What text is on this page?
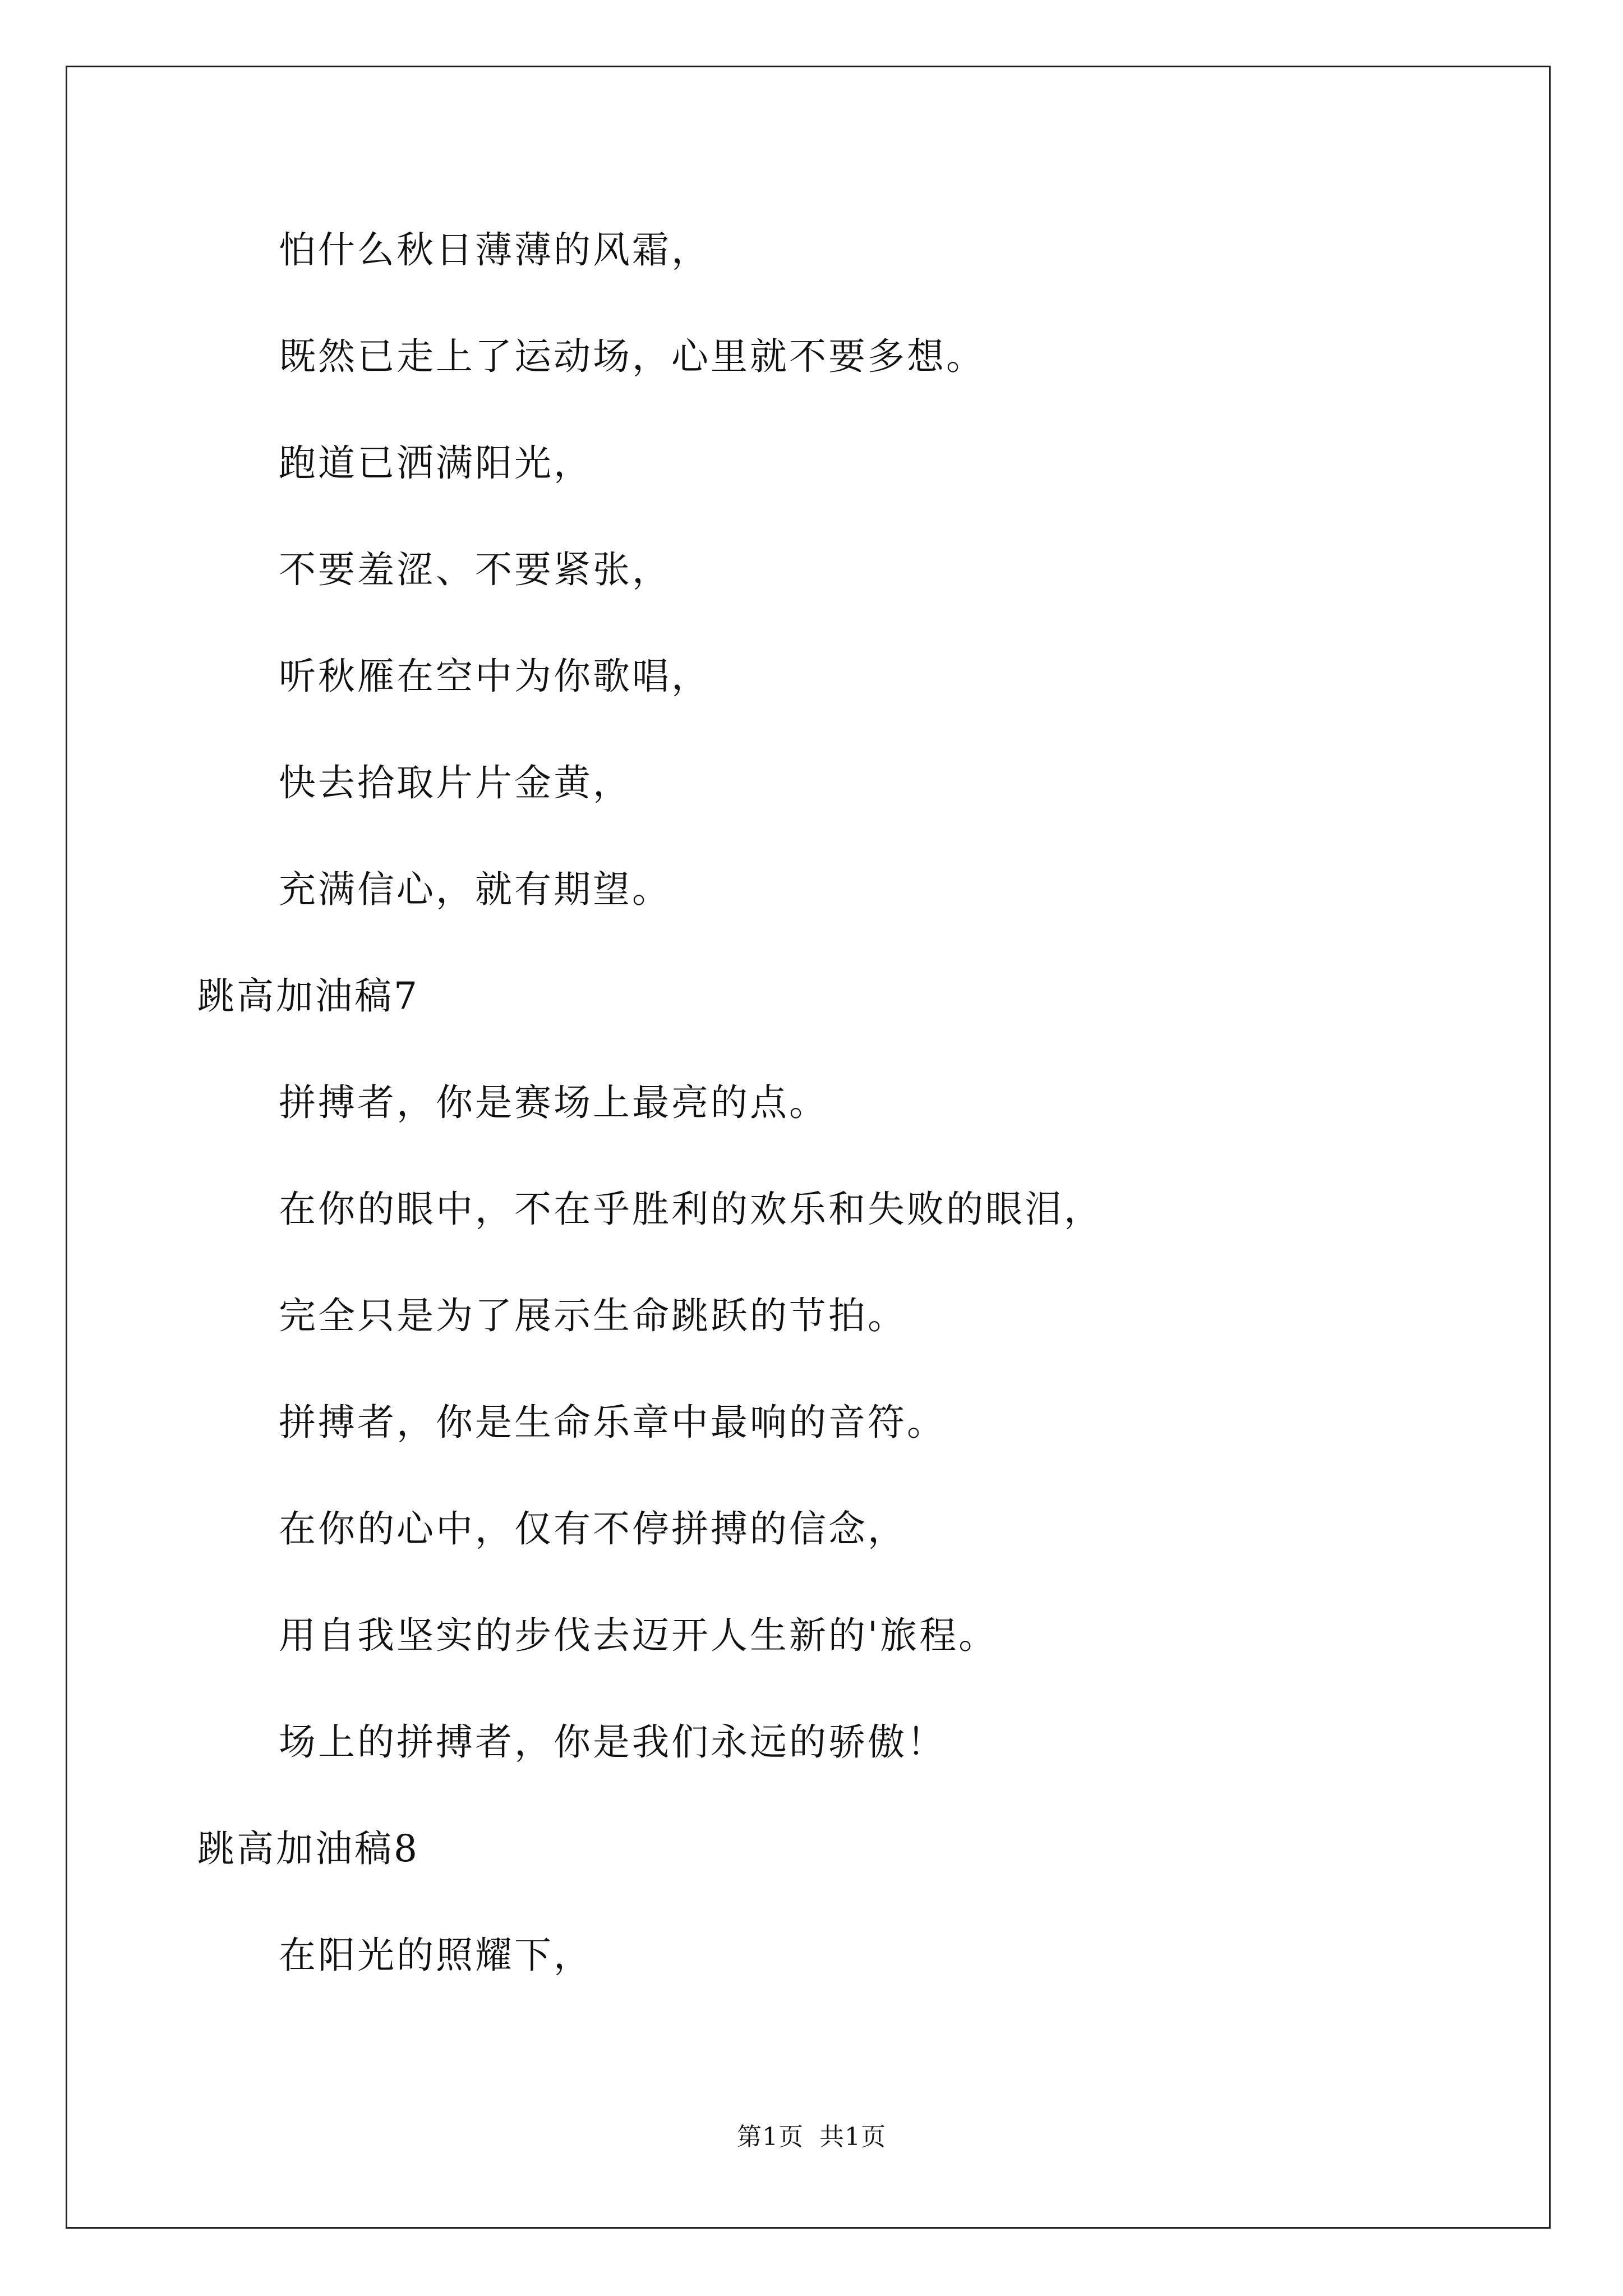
怕什么秋日薄薄的风霜，
既然已走上了运动场，心里就不要多想。
跑道已洒满阳光，
不要羞涩、不要紧张，
听秋雁在空中为你歌唱，
快去拾取片片金黄，
充满信心，就有期望。
跳高加油稿7
拼搏者，你是赛场上最亮的点。
在你的眼中，不在乎胜利的欢乐和失败的眼泪，
完全只是为了展示生命跳跃的节拍。
拼搏者，你是生命乐章中最响的音符。
在你的心中，仅有不停拼搏的信念，
用自我坚实的步伐去迈开人生新的'旅程。
场上的拼搏者，你是我们永远的骄傲！
跳高加油稿8
在阳光的照耀下，
第1页 共1页
